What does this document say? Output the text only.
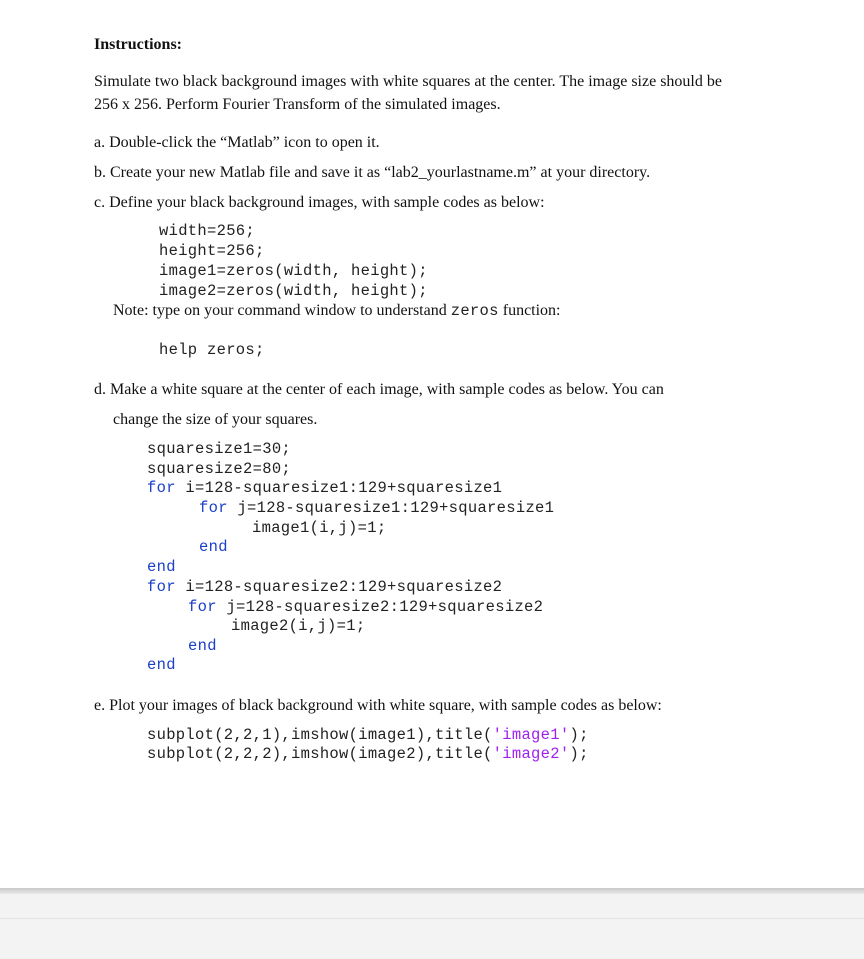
Instructions:
Simulate two black background images with white squares at the center. The image size should be
256 x 256. Perform Fourier Transform of the simulated images.
a. Double-click the “Matlab” icon to open it.
b. Create your new Matlab file and save it as “lab2_yourlastname.m” at your directory.
c. Define your black background images, with sample codes as below:
width=256;
height=256;
image1=zeros(width, height);
image2=zeros(width, height);
Note: type on your command window to understand zeros function:
help zeros;
d. Make a white square at the center of each image, with sample codes as below. You can
change the size of your squares.
squaresize1=30;
squaresize2=80;
for i=128-squaresize1:129+squaresize1
for j=128-squaresize1:129+squaresize1
image1(i,j)=1;
end
end
for i=128-squaresize2:129+squaresize2
for j=128-squaresize2:129+squaresize2
image2(i,j)=1;
end
end
e. Plot your images of black background with white square, with sample codes as below:
subplot(2,2,1),imshow(image1),title('image1');
subplot(2,2,2),imshow(image2),title('image2');
